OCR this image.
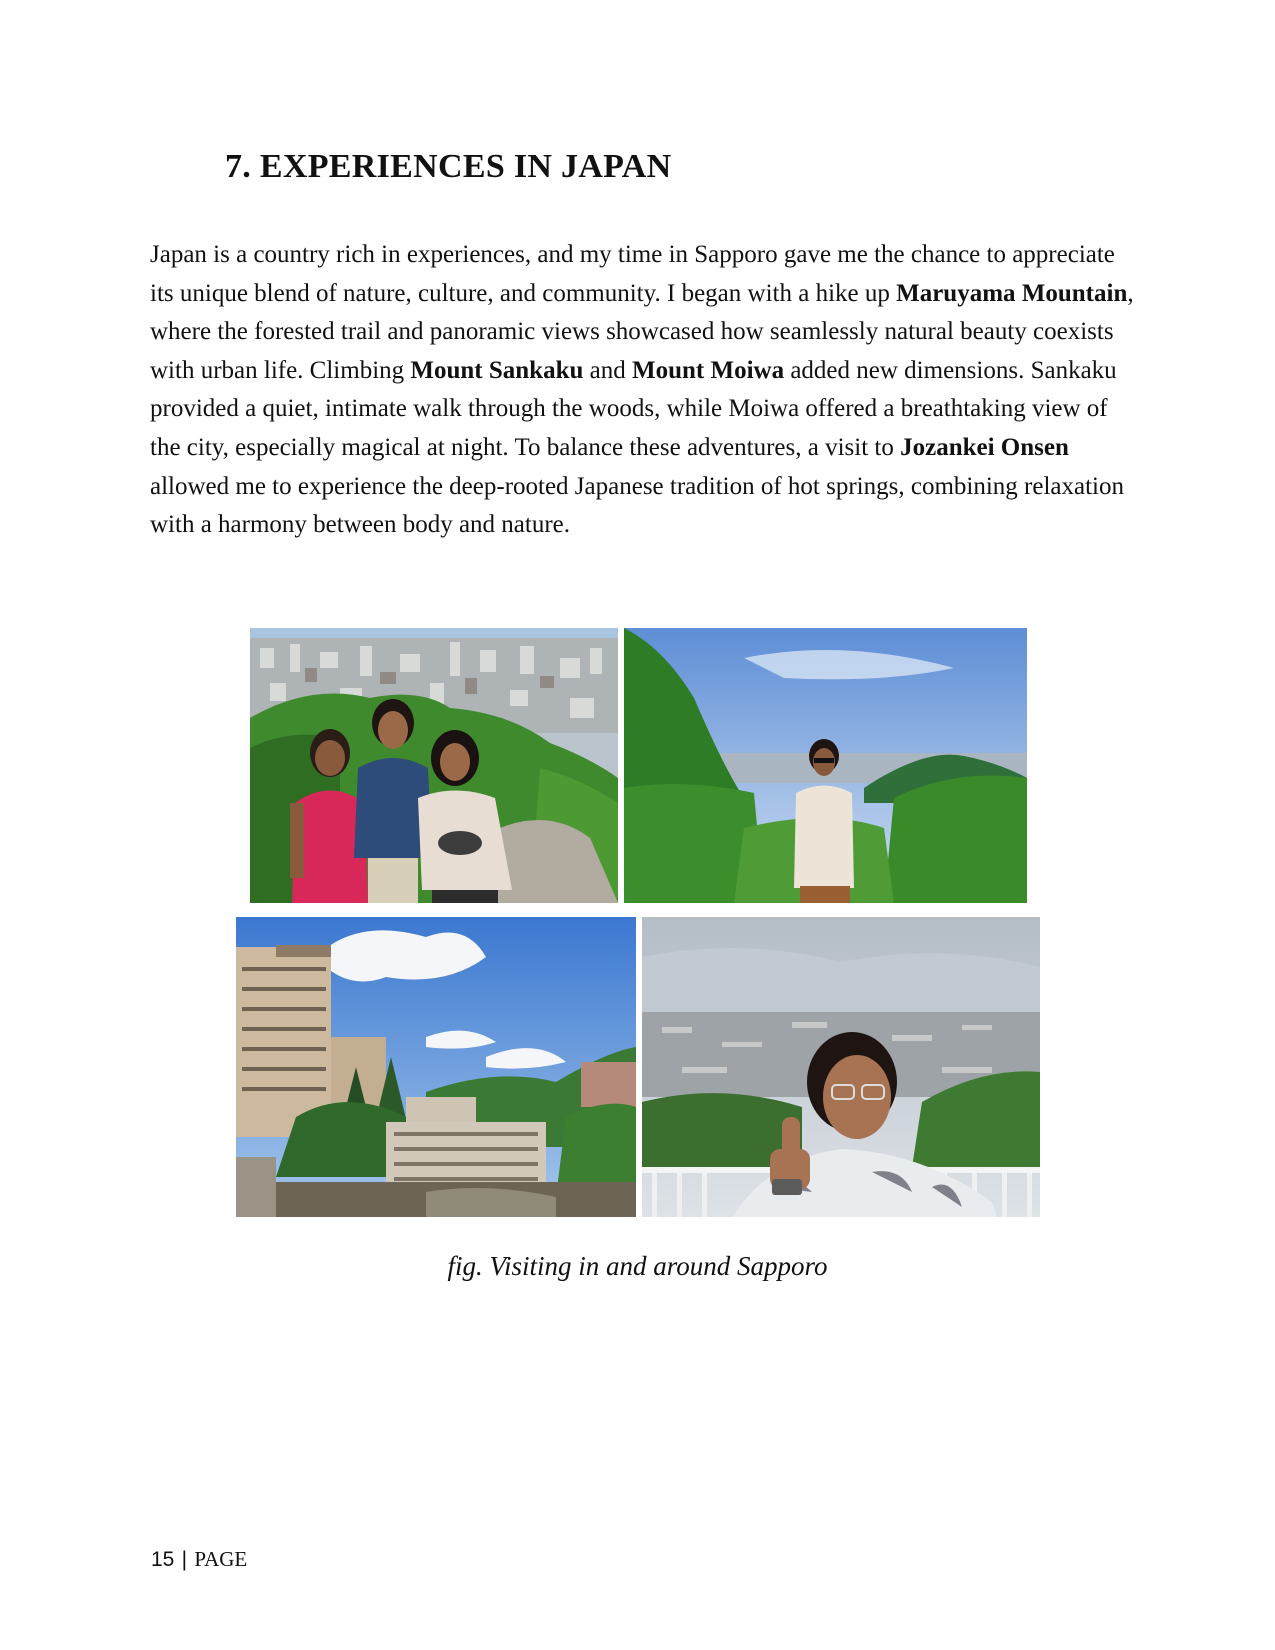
7. EXPERIENCES IN JAPAN

Japan is a country rich in experiences, and my time in Sapporo gave me the chance to appreciate its unique blend of nature, culture, and community. I began with a hike up Maruyama Mountain, where the forested trail and panoramic views showcased how seamlessly natural beauty coexists with urban life. Climbing Mount Sankaku and Mount Moiwa added new dimensions. Sankaku provided a quiet, intimate walk through the woods, while Moiwa offered a breathtaking view of the city, especially magical at night. To balance these adventures, a visit to Jozankei Onsen allowed me to experience the deep-rooted Japanese tradition of hot springs, combining relaxation with a harmony between body and nature.

fig. Visiting in and around Sapporo

15 | PAGE
